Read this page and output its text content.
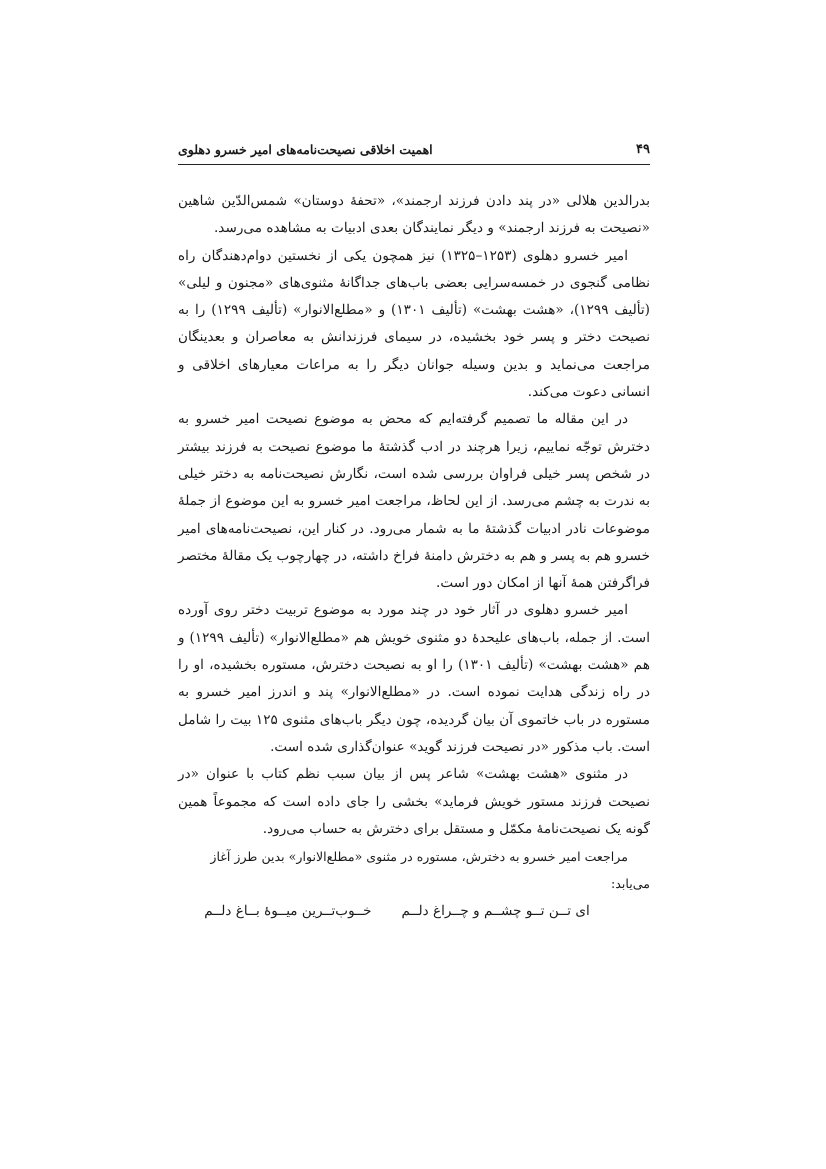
۴۹
اهمیت اخلاقی نصیحت‌نامه‌های امیر خسرو دهلوی

بدرالدین هلالی «در پند دادن فرزند ارجمند»، «تحفهٔ دوستان» شمس‌الدّین شاهین «نصیحت به فرزند ارجمند» و دیگر نمایندگان بعدی ادبیات به مشاهده می‌رسد.

امیر خسرو دهلوی (۱۲۵۳–۱۳۲۵) نیز همچون یکی از نخستین دوام‌دهندگان راه نظامی گنجوی در خمسه‌سرایی بعضی باب‌های جداگانهٔ مثنوی‌های «مجنون و لیلی» (تألیف ۱۲۹۹)، «هشت بهشت» (تألیف ۱۳۰۱) و «مطلع‌الانوار» (تألیف ۱۲۹۹) را به نصیحت دختر و پسر خود بخشیده، در سیمای فرزندانش به معاصران و بعدینگان مراجعت می‌نماید و بدین وسیله جوانان دیگر را به مراعات معیارهای اخلاقی و انسانی دعوت می‌کند.

در این مقاله ما تصمیم گرفته‌ایم که محض به موضوع نصیحت امیر خسرو به دخترش توجّه نماییم، زیرا هرچند در ادب گذشتهٔ ما موضوع نصیحت به فرزند بیشتر در شخص پسر خیلی فراوان بررسی شده است، نگارش نصیحت‌نامه به دختر خیلی به ندرت به چشم می‌رسد. از این لحاظ، مراجعت امیر خسرو به این موضوع از جملهٔ موضوعات نادر ادبیات گذشتهٔ ما به شمار می‌رود. در کنار این، نصیحت‌نامه‌های امیر خسرو هم به پسر و هم به دخترش دامنهٔ فراخ داشته، در چهارچوب یک مقالهٔ مختصر فراگرفتن همهٔ آنها از امکان دور است.

امیر خسرو دهلوی در آثار خود در چند مورد به موضوع تربیت دختر روی آورده است. از جمله، باب‌های علیحدهٔ دو مثنوی خویش هم «مطلع‌الانوار» (تألیف ۱۲۹۹) و هم «هشت بهشت» (تألیف ۱۳۰۱) را او به نصیحت دخترش، مستوره بخشیده، او را در راه زندگی هدایت نموده است. در «مطلع‌الانوار» پند و اندرز امیر خسرو به مستوره در باب خاتموی آن بیان گردیده، چون دیگر باب‌های مثنوی ۱۲۵ بیت را شامل است. باب مذکور «در نصیحت فرزند گوید» عنوان‌گذاری شده است.

در مثنوی «هشت بهشت» شاعر پس از بیان سبب نظم کتاب با عنوان «در نصیحت فرزند مستور خویش فرماید» بخشی را جای داده است که مجموعاً همین گونه یک نصیحت‌نامهٔ مکمّل و مستقل برای دخترش به حساب می‌رود.

مراجعت امیر خسرو به دخترش، مستوره در مثنوی «مطلع‌الانوار» بدین طرز آغاز می‌یابد:

ای تــن تــو چشــم و چــراغ دلــم
خــوب‌تــرین میــوهٔ بــاغ دلــم
